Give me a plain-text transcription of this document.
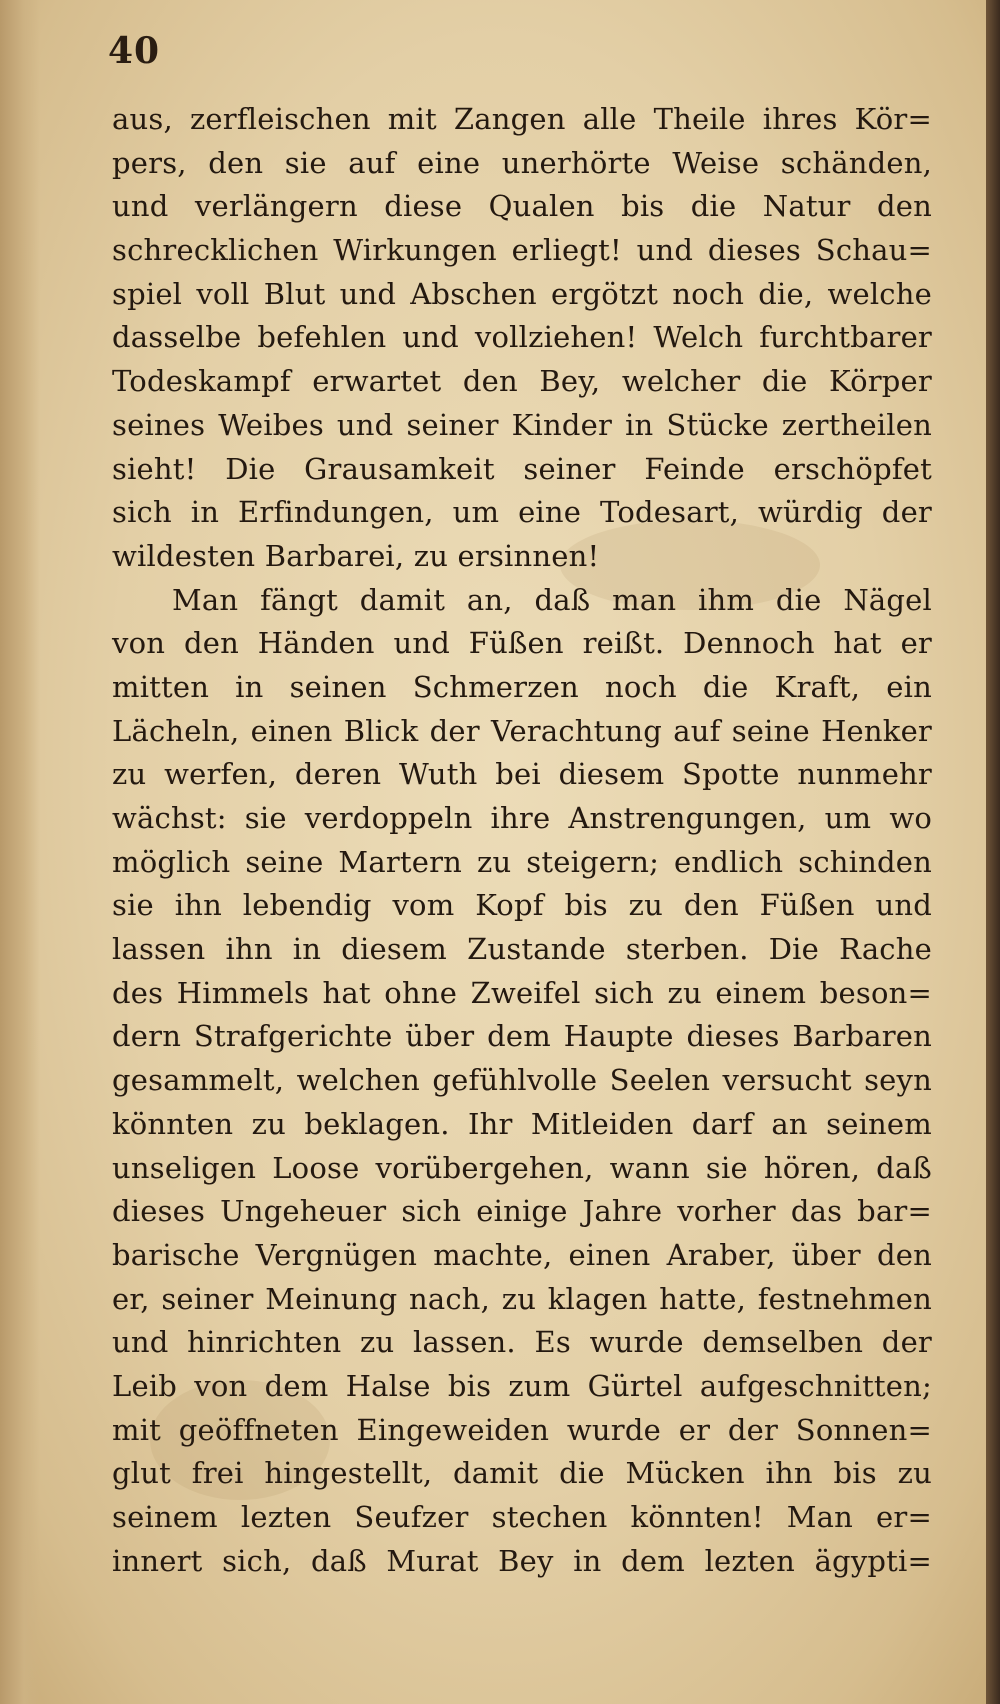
40
aus, zerfleischen mit Zangen alle Theile ihres Kör=
pers, den sie auf eine unerhörte Weise schänden,
und verlängern diese Qualen bis die Natur den
schrecklichen Wirkungen erliegt! und dieses Schau=
spiel voll Blut und Abschen ergötzt noch die, welche
dasselbe befehlen und vollziehen! Welch furchtbarer
Todeskampf erwartet den Bey, welcher die Körper
seines Weibes und seiner Kinder in Stücke zertheilen
sieht! Die Grausamkeit seiner Feinde erschöpfet
sich in Erfindungen, um eine Todesart, würdig der
wildesten Barbarei, zu ersinnen!
Man fängt damit an, daß man ihm die Nägel
von den Händen und Füßen reißt. Dennoch hat er
mitten in seinen Schmerzen noch die Kraft, ein
Lächeln, einen Blick der Verachtung auf seine Henker
zu werfen, deren Wuth bei diesem Spotte nunmehr
wächst: sie verdoppeln ihre Anstrengungen, um wo
möglich seine Martern zu steigern; endlich schinden
sie ihn lebendig vom Kopf bis zu den Füßen und
lassen ihn in diesem Zustande sterben. Die Rache
des Himmels hat ohne Zweifel sich zu einem beson=
dern Strafgerichte über dem Haupte dieses Barbaren
gesammelt, welchen gefühlvolle Seelen versucht seyn
könnten zu beklagen. Ihr Mitleiden darf an seinem
unseligen Loose vorübergehen, wann sie hören, daß
dieses Ungeheuer sich einige Jahre vorher das bar=
barische Vergnügen machte, einen Araber, über den
er, seiner Meinung nach, zu klagen hatte, festnehmen
und hinrichten zu lassen. Es wurde demselben der
Leib von dem Halse bis zum Gürtel aufgeschnitten;
mit geöffneten Eingeweiden wurde er der Sonnen=
glut frei hingestellt, damit die Mücken ihn bis zu
seinem lezten Seufzer stechen könnten! Man er=
innert sich, daß Murat Bey in dem lezten ägypti=
